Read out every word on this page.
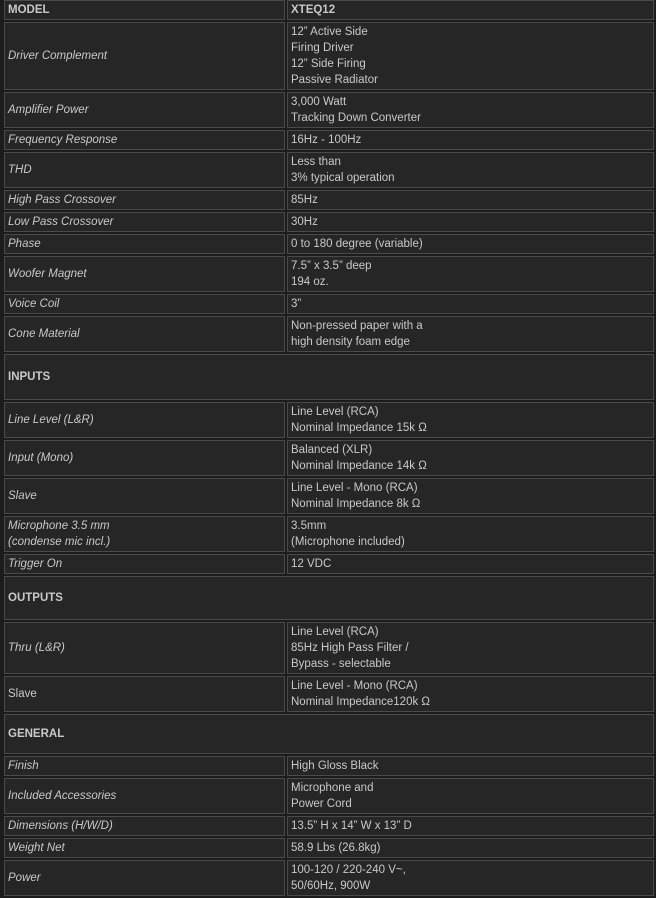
MODEL	XTEQ12
Driver Complement	12” Active Side
Firing Driver
12” Side Firing
Passive Radiator

Amplifier Power	3,000 Watt
Tracking Down Converter

Frequency Response	16Hz - 100Hz

THD	Less than
3% typical operation

High Pass Crossover	85Hz

Low Pass Crossover	30Hz

Phase	0 to 180 degree (variable)

Woofer Magnet	7.5” x 3.5” deep
194 oz.

Voice Coil	3”

Cone Material	Non-pressed paper with a
high density foam edge

INPUTS	
Line Level (L&R)	Line Level (RCA)
Nominal Impedance 15k Ω

Input (Mono)	Balanced (XLR)
Nominal Impedance 14k Ω

Slave	Line Level - Mono (RCA)
Nominal Impedance 8k Ω

Microphone 3.5 mm
(condense mic incl.)	3.5mm
(Microphone included)

Trigger On	12 VDC

OUTPUTS	
Thru (L&R)	Line Level (RCA)
85Hz High Pass Filter /
Bypass - selectable

Slave	Line Level - Mono (RCA)
Nominal Impedance120k Ω

GENERAL	
Finish	High Gloss Black

Included Accessories	Microphone and
Power Cord

Dimensions (H/W/D)	13.5” H x 14” W x 13” D

Weight Net	58.9 Lbs (26.8kg)

Power	100-120 / 220-240 V~,
50/60Hz, 900W
